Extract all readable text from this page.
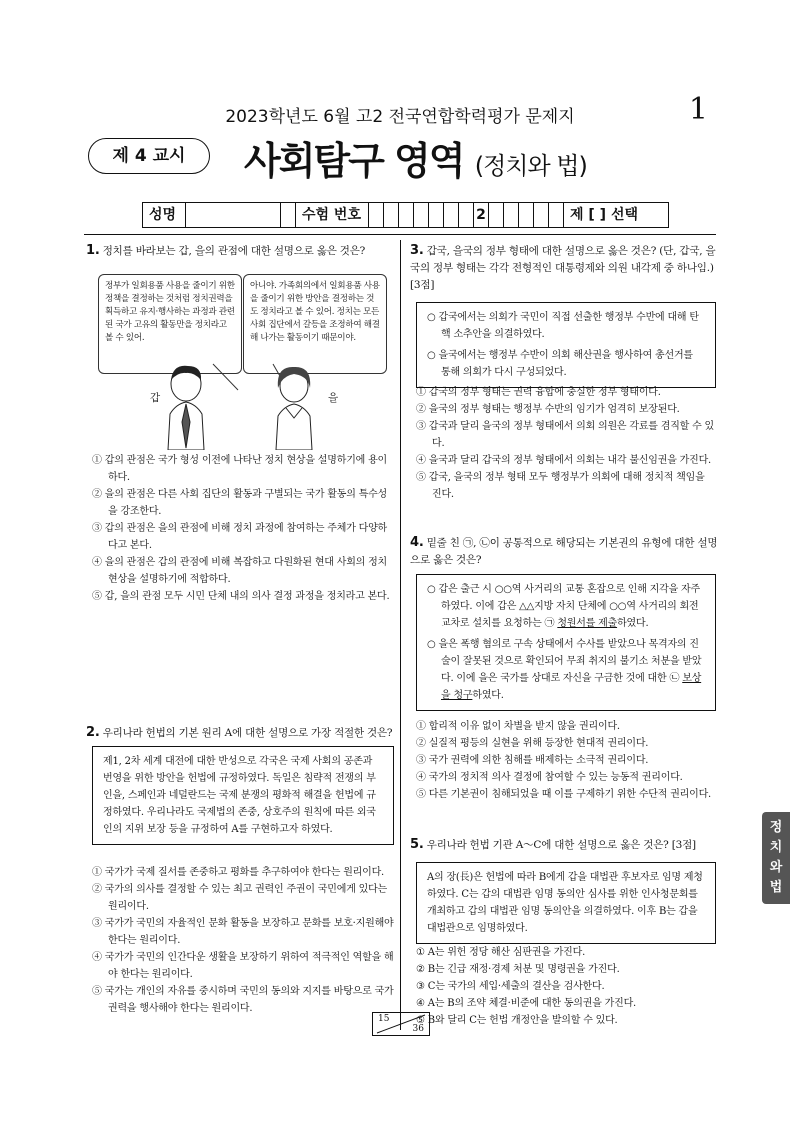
2023학년도 6월 고2 전국연합학력평가 문제지	1
제 4 교시	사회탐구 영역 (정치와 법)
성명	수험 번호	2	제 [ ] 선택
1. 정치를 바라보는 갑, 을의 관점에 대한 설명으로 옳은 것은?
정부가 일회용품 사용을 줄이기 위한 정책을 결정하는 것처럼 정치권력을 획득하고 유지·행사하는 과정과 관련된 국가 고유의 활동만을 정치라고 볼 수 있어.
아니야. 가족회의에서 일회용품 사용을 줄이기 위한 방안을 결정하는 것도 정치라고 볼 수 있어. 정치는 모든 사회 집단에서 갈등을 조정하여 해결해 나가는 활동이기 때문이야.
갑	을
① 갑의 관점은 국가 형성 이전에 나타난 정치 현상을 설명하기에 용이하다.
② 을의 관점은 다른 사회 집단의 활동과 구별되는 국가 활동의 특수성을 강조한다.
③ 갑의 관점은 을의 관점에 비해 정치 과정에 참여하는 주체가 다양하다고 본다.
④ 을의 관점은 갑의 관점에 비해 복잡하고 다원화된 현대 사회의 정치 현상을 설명하기에 적합하다.
⑤ 갑, 을의 관점 모두 시민 단체 내의 의사 결정 과정을 정치라고 본다.
2. 우리나라 헌법의 기본 원리 A에 대한 설명으로 가장 적절한 것은?
제1, 2차 세계 대전에 대한 반성으로 각국은 국제 사회의 공존과 번영을 위한 방안을 헌법에 규정하였다. 독일은 침략적 전쟁의 부인을, 스페인과 네덜란드는 국제 분쟁의 평화적 해결을 헌법에 규정하였다. 우리나라도 국제법의 존중, 상호주의 원칙에 따른 외국인의 지위 보장 등을 규정하여 A를 구현하고자 하였다.
① 국가가 국제 질서를 존중하고 평화를 추구하여야 한다는 원리이다.
② 국가의 의사를 결정할 수 있는 최고 권력인 주권이 국민에게 있다는 원리이다.
③ 국가가 국민의 자율적인 문화 활동을 보장하고 문화를 보호·지원해야 한다는 원리이다.
④ 국가가 국민의 인간다운 생활을 보장하기 위하여 적극적인 역할을 해야 한다는 원리이다.
⑤ 국가는 개인의 자유를 중시하며 국민의 동의와 지지를 바탕으로 국가 권력을 행사해야 한다는 원리이다.
3. 갑국, 을국의 정부 형태에 대한 설명으로 옳은 것은? (단, 갑국, 을국의 정부 형태는 각각 전형적인 대통령제와 의원 내각제 중 하나임.) [3점]
○ 갑국에서는 의회가 국민이 직접 선출한 행정부 수반에 대해 탄핵 소추안을 의결하였다.
○ 을국에서는 행정부 수반이 의회 해산권을 행사하여 총선거를 통해 의회가 다시 구성되었다.
① 갑국의 정부 형태는 권력 융합에 충실한 정부 형태이다.
② 을국의 정부 형태는 행정부 수반의 임기가 엄격히 보장된다.
③ 갑국과 달리 을국의 정부 형태에서 의회 의원은 각료를 겸직할 수 있다.
④ 을국과 달리 갑국의 정부 형태에서 의회는 내각 불신임권을 가진다.
⑤ 갑국, 을국의 정부 형태 모두 행정부가 의회에 대해 정치적 책임을 진다.
4. 밑줄 친 ㉠, ㉡이 공통적으로 해당되는 기본권의 유형에 대한 설명으로 옳은 것은?
○ 갑은 출근 시 ○○역 사거리의 교통 혼잡으로 인해 지각을 자주 하였다. 이에 갑은 △△지방 자치 단체에 ○○역 사거리의 회전 교차로 설치를 요청하는 ㉠ 청원서를 제출하였다.
○ 을은 폭행 혐의로 구속 상태에서 수사를 받았으나 목격자의 진술이 잘못된 것으로 확인되어 무죄 취지의 불기소 처분을 받았다. 이에 을은 국가를 상대로 자신을 구금한 것에 대한 ㉡ 보상을 청구하였다.
① 합리적 이유 없이 차별을 받지 않을 권리이다.
② 실질적 평등의 실현을 위해 등장한 현대적 권리이다.
③ 국가 권력에 의한 침해를 배제하는 소극적 권리이다.
④ 국가의 정치적 의사 결정에 참여할 수 있는 능동적 권리이다.
⑤ 다른 기본권이 침해되었을 때 이를 구제하기 위한 수단적 권리이다.
5. 우리나라 헌법 기관 A～C에 대한 설명으로 옳은 것은? [3점]
A의 장(長)은 헌법에 따라 B에게 갑을 대법관 후보자로 임명 제청하였다. C는 갑의 대법관 임명 동의안 심사를 위한 인사청문회를 개최하고 갑의 대법관 임명 동의안을 의결하였다. 이후 B는 갑을 대법관으로 임명하였다.
① A는 위헌 정당 해산 심판권을 가진다.
② B는 긴급 재정·경제 처분 및 명령권을 가진다.
③ C는 국가의 세입·세출의 결산을 검사한다.
④ A는 B의 조약 체결·비준에 대한 동의권을 가진다.
⑤ B와 달리 C는 헌법 개정안을 발의할 수 있다.
정
치
와
법
15
36
